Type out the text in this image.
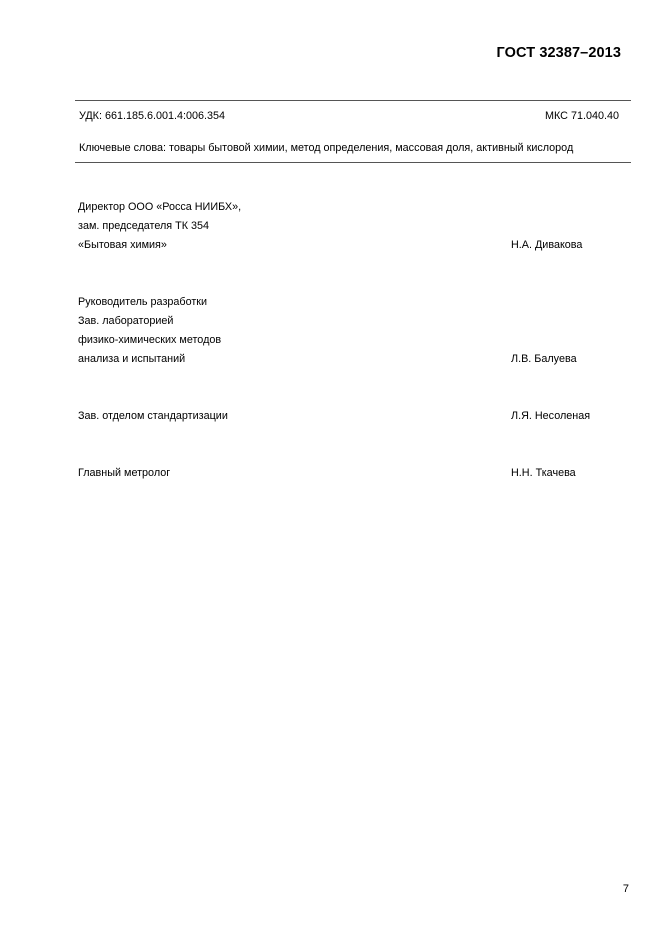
ГОСТ 32387–2013
УДК: 661.185.6.001.4:006.354	МКС 71.040.40
Ключевые слова: товары бытовой химии, метод определения, массовая доля, активный кислород
Директор ООО «Росса НИИБХ»,
зам. председателя ТК 354
«Бытовая химия»	Н.А. Дивакова
Руководитель разработки
Зав. лабораторией
физико-химических методов
анализа и испытаний	Л.В. Балуева
Зав. отделом стандартизации	Л.Я. Несоленая
Главный метролог	Н.Н. Ткачева
7
